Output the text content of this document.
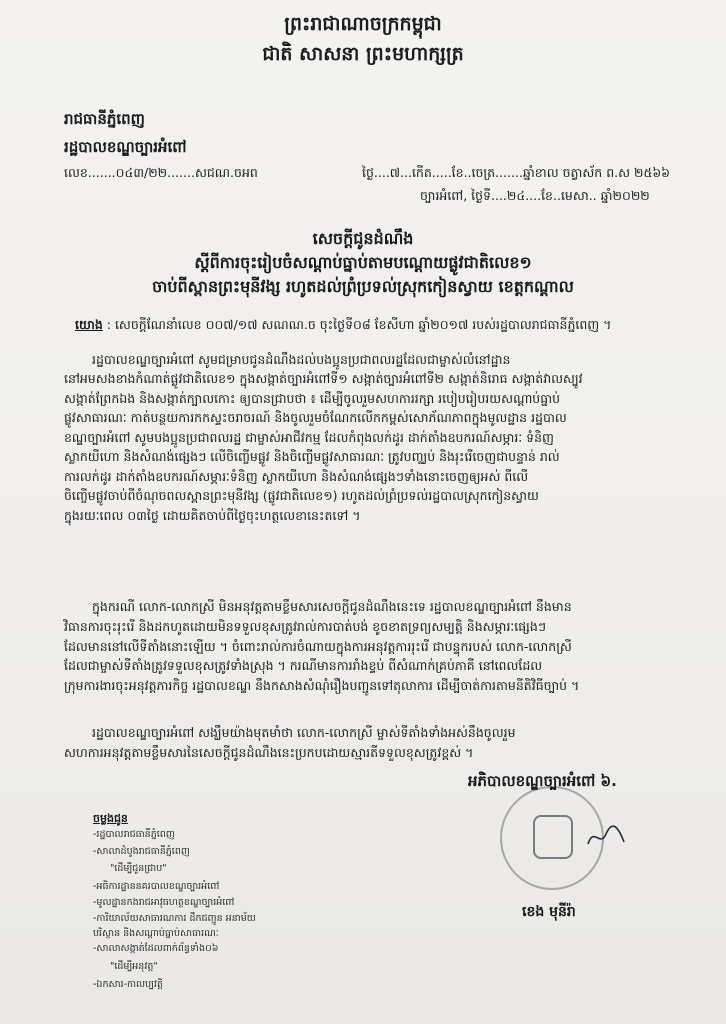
ព្រះរាជាណាចក្រកម្ពុជា
ជាតិ សាសនា ព្រះមហាក្សត្រ
រាជធានីភ្នំពេញ
រដ្ឋបាលខណ្ឌច្បារអំពៅ
លេខ.......០៤៣/២២.......សជណ.ចអព	ថ្ងៃ....៧...កើត.....ខែ..ចេត្រ.......ឆ្នាំខាល ចត្វាស័ក ព.ស ២៥៦៦
ច្បារអំពៅ, ថ្ងៃទី....២៤....ខែ..មេសា.. ឆ្នាំ២០២២
សេចក្តីជូនដំណឹង
ស្តីពីការចុះរៀបចំសណ្តាប់ធ្នាប់តាមបណ្តោយផ្លូវជាតិលេខ១
ចាប់ពីស្ពានព្រះមុនីវង្ស រហូតដល់ព្រំប្រទល់ស្រុកកៀនស្វាយ ខេត្តកណ្តាល
យោង : សេចក្តីណែនាំលេខ ០០៧/១៧ សណណ.ច ចុះថ្ងៃទី០៨ ខែសីហា ឆ្នាំ២០១៧ របស់រដ្ឋបាលរាជធានីភ្នំពេញ ។

រដ្ឋបាលខណ្ឌច្បារអំពៅ សូមជម្រាបជូនដំណឹងដល់បងប្អូនប្រជាពលរដ្ឋដែលជាម្ចាស់លំនៅដ្ឋាន

នៅអមសងខាងកំណាត់ផ្លូវជាតិលេខ១ ក្នុងសង្កាត់ច្បារអំពៅទី១ សង្កាត់ច្បារអំពៅទី២ សង្កាត់និរោធ សង្កាត់វាលស្បូវ

សង្កាត់ព្រែកឯង និងសង្កាត់ក្បាលកោះ ឲ្យបានជ្រាបថា ៖ ដើម្បីចូលរួមសហការរក្សា របៀបរៀបរយសណ្តាប់ធ្នាប់

ផ្លូវសាធារណៈ កាត់បន្ថយការកកស្ទះចរាចរណ៍ និងចូលរួមចំណែកលើកកម្ពស់សោភ័ណភាពក្នុងមូលដ្ឋាន រដ្ឋបាល

ខណ្ឌច្បារអំពៅ សូមបងប្អូនប្រជាពលរដ្ឋ ជាម្ចាស់អាជីវកម្ម ដែលកំពុងលក់ដូរ ដាក់តាំងឧបករណ៍សម្ភារៈ ទំនិញ

ស្លាកយីហោ និងសំណង់ផ្សេងៗ លើចិញ្ចើមផ្លូវ និងចិញ្ចើមផ្លូវសាធារណៈ ត្រូវបញ្ឈប់ និងរុះរើចេញជាបន្ទាន់ រាល់

ការលក់ដូរ ដាក់តាំងឧបករណ៍សម្ភារៈទំនិញ ស្លាកយីហោ និងសំណង់ផ្សេងៗទាំងនោះចេញឲ្យអស់ ពីលើ

ចិញ្ចើមផ្លូវចាប់ពីចំណុចពលស្ពានព្រះមុនីវង្ស (ផ្លូវជាតិលេខ១) រហូតដល់ព្រំប្រទល់រដ្ឋបាលស្រុកកៀនស្វាយ

ក្នុងរយៈពេល ០៣ថ្ងៃ ដោយគិតចាប់ពីថ្ងៃចុះហត្ថលេខានេះតទៅ ។

ក្នុងករណី លោក-លោកស្រី មិនអនុវត្តតាមខ្លឹមសារសេចក្តីជូនដំណឹងនេះទេ រដ្ឋបាលខណ្ឌច្បារអំពៅ នឹងមាន

វិធានការចុះរុះរើ និងដកហូតដោយមិនទទួលខុសត្រូវរាល់ការបាត់បង់ ខូចខាតទ្រព្យសម្បត្តិ និងសម្ភារៈផ្សេងៗ

ដែលមាននៅលើទីតាំងនោះឡើយ ។ ចំពោះរាល់ការចំណាយក្នុងការអនុវត្តការរុះរើ ជាបន្ទុករបស់ លោក-លោកស្រី

ដែលជាម្ចាស់ទីតាំងត្រូវទទួលខុសត្រូវទាំងស្រុង ។ ករណីមានការរាំងខ្ទប់ ពីសំណាក់គ្រប់ភាគី នៅពេលដែល

ក្រុមការងារចុះអនុវត្តភារកិច្ច រដ្ឋបាលខណ្ឌ នឹងកសាងសំណុំរឿងបញ្ជូនទៅតុលាការ ដើម្បីចាត់ការតាមនីតិវិធីច្បាប់ ។

រដ្ឋបាលខណ្ឌច្បារអំពៅ សង្ឃឹមយ៉ាងមុតមាំថា លោក-លោកស្រី ម្ចាស់ទីតាំងទាំងអស់នឹងចូលរួម

សហការអនុវត្តតាមខ្លឹមសារនៃសេចក្តីជូនដំណឹងនេះប្រកបដោយស្មារតីទទួលខុសត្រូវខ្ពស់ ។

អភិបាលខណ្ឌច្បារអំពៅ ៦.
ខេង មុនីរ៉ា
ចម្លងជូន
-រដ្ឋបាលរាជធានីភ្នំពេញ
-សាលាដំបូងរាជធានីភ្នំពេញ
"ដើម្បីជូនជ្រាប"
-អធិការដ្ឋាននគរបាលខណ្ឌច្បារអំពៅ
-មូលដ្ឋានកងរាជអាវុធហត្ថខណ្ឌច្បារអំពៅ
-ការិយាល័យសាធារណការ ដឹកជញ្ជូន អនាម័យ
បរិស្ថាន និងសណ្តាប់ធ្នាប់សាធារណៈ
-សាលាសង្កាត់ដែលពាក់ព័ន្ធទាំង០៦
"ដើម្បីអនុវត្ត"
-ឯកសារ-កាលប្បវត្តិ
